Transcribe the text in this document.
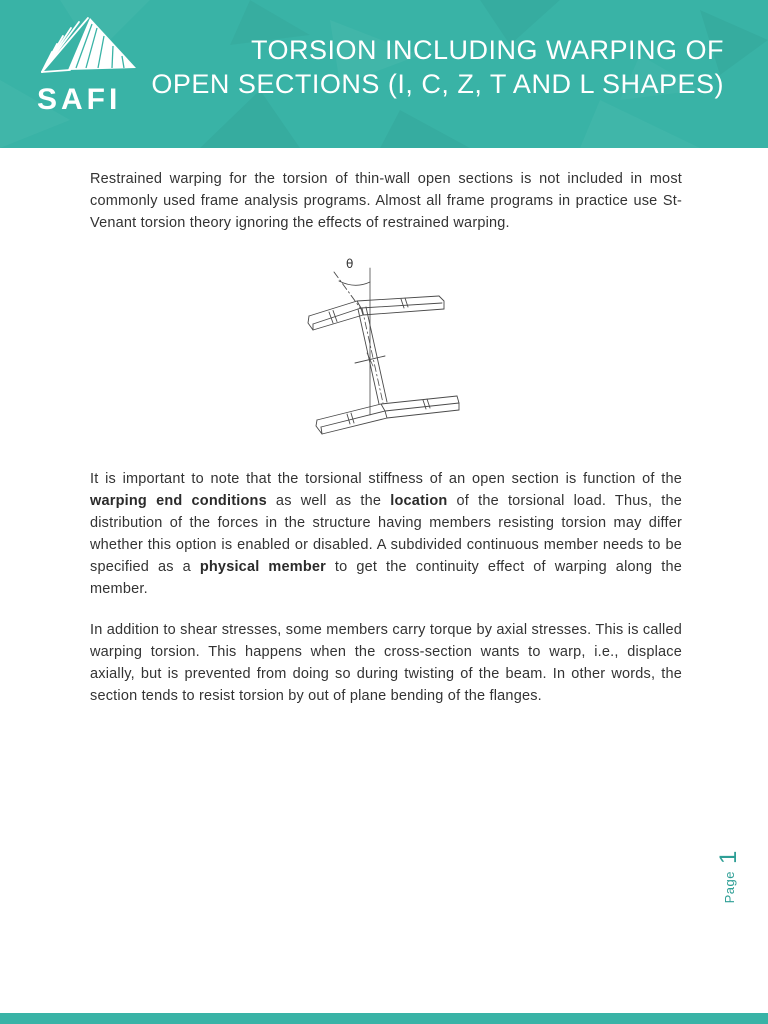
SAFI
TORSION INCLUDING WARPING OF
OPEN SECTIONS (I, C, Z, T AND L SHAPES)

Restrained warping for the torsion of thin-wall open sections is not included in most commonly used frame analysis programs. Almost all frame programs in practice use St-Venant torsion theory ignoring the effects of restrained warping.

θ

It is important to note that the torsional stiffness of an open section is function of the warping end conditions as well as the location of the torsional load. Thus, the distribution of the forces in the structure having members resisting torsion may differ whether this option is enabled or disabled. A subdivided continuous member needs to be specified as a physical member to get the continuity effect of warping along the member.

In addition to shear stresses, some members carry torque by axial stresses. This is called warping torsion. This happens when the cross-section wants to warp, i.e., displace axially, but is prevented from doing so during twisting of the beam. In other words, the section tends to resist torsion by out of plane bending of the flanges.

Page
1
